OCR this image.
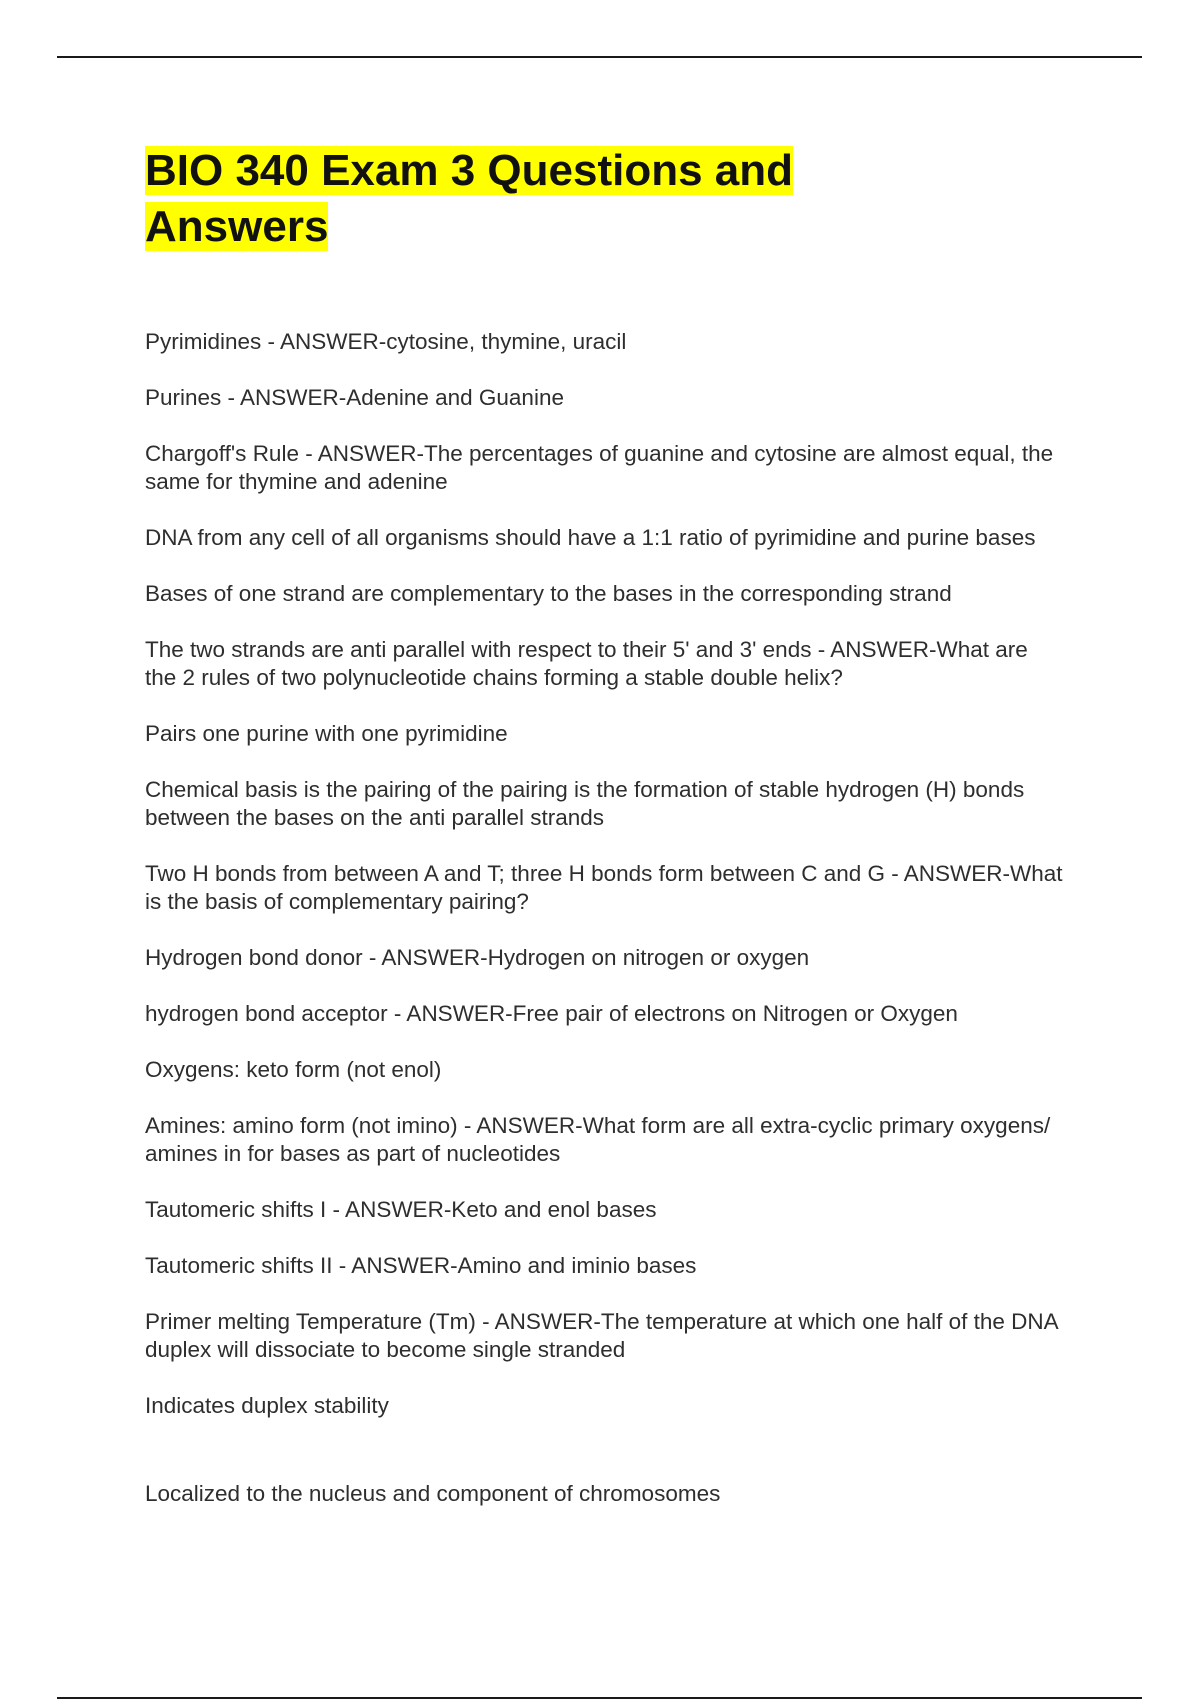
BIO 340 Exam 3 Questions and Answers
Pyrimidines - ANSWER-cytosine, thymine, uracil
Purines - ANSWER-Adenine and Guanine
Chargoff's Rule - ANSWER-The percentages of guanine and cytosine are almost equal, the same for thymine and adenine
DNA from any cell of all organisms should have a 1:1 ratio of pyrimidine and purine bases
Bases of one strand are complementary to the bases in the corresponding strand
The two strands are anti parallel with respect to their 5' and 3' ends - ANSWER-What are the 2 rules of two polynucleotide chains forming a stable double helix?
Pairs one purine with one pyrimidine
Chemical basis is the pairing of the pairing is the formation of stable hydrogen (H) bonds between the bases on the anti parallel strands
Two H bonds from between A and T; three H bonds form between C and G - ANSWER-What is the basis of complementary pairing?
Hydrogen bond donor - ANSWER-Hydrogen on nitrogen or oxygen
hydrogen bond acceptor - ANSWER-Free pair of electrons on Nitrogen or Oxygen
Oxygens: keto form (not enol)
Amines: amino form (not imino) - ANSWER-What form are all extra-cyclic primary oxygens/ amines in for bases as part of nucleotides
Tautomeric shifts I - ANSWER-Keto and enol bases
Tautomeric shifts II - ANSWER-Amino and iminio bases
Primer melting Temperature (Tm) - ANSWER-The temperature at which one half of the DNA duplex will dissociate to become single stranded
Indicates duplex stability
Localized to the nucleus and component of chromosomes
